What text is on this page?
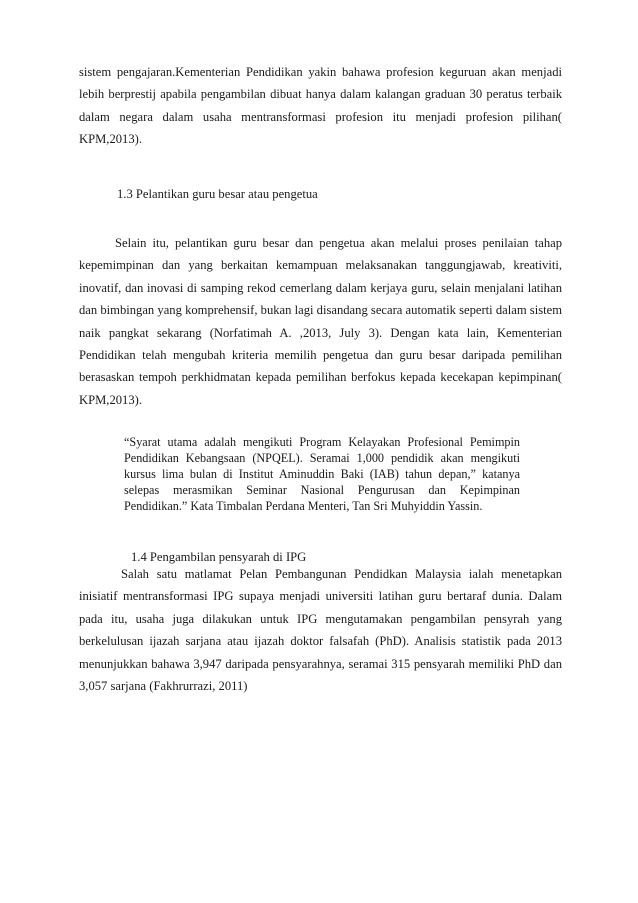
sistem pengajaran.Kementerian Pendidikan yakin bahawa profesion keguruan akan menjadi lebih berprestij apabila pengambilan dibuat hanya dalam kalangan graduan 30 peratus terbaik dalam negara dalam usaha mentransformasi profesion itu menjadi profesion pilihan( KPM,2013).

1.3 Pelantikan guru besar atau pengetua

Selain itu, pelantikan guru besar dan pengetua akan melalui proses penilaian tahap kepemimpinan dan yang berkaitan kemampuan melaksanakan tanggungjawab, kreativiti, inovatif, dan inovasi di samping rekod cemerlang dalam kerjaya guru, selain menjalani latihan dan bimbingan yang komprehensif, bukan lagi disandang secara automatik seperti dalam sistem naik pangkat sekarang (Norfatimah A. ,2013, July 3). Dengan kata lain, Kementerian Pendidikan telah mengubah kriteria memilih pengetua dan guru besar daripada pemilihan berasaskan tempoh perkhidmatan kepada pemilihan berfokus kepada kecekapan kepimpinan( KPM,2013).

“Syarat utama adalah mengikuti Program Kelayakan Profesional Pemimpin Pendidikan Kebangsaan (NPQEL). Seramai 1,000 pendidik akan mengikuti kursus lima bulan di Institut Aminuddin Baki (IAB) tahun depan,” katanya selepas merasmikan Seminar Nasional Pengurusan dan Kepimpinan Pendidikan.” Kata Timbalan Perdana Menteri, Tan Sri Muhyiddin Yassin.

1.4 Pengambilan pensyarah di IPG

Salah satu matlamat Pelan Pembangunan Pendidkan Malaysia ialah menetapkan inisiatif mentransformasi IPG supaya menjadi universiti latihan guru bertaraf dunia. Dalam pada itu, usaha juga dilakukan untuk IPG mengutamakan pengambilan pensyrah yang berkelulusan ijazah sarjana atau ijazah doktor falsafah (PhD). Analisis statistik pada 2013 menunjukkan bahawa 3,947 daripada pensyarahnya, seramai 315 pensyarah memiliki PhD dan 3,057 sarjana (Fakhrurrazi, 2011)
